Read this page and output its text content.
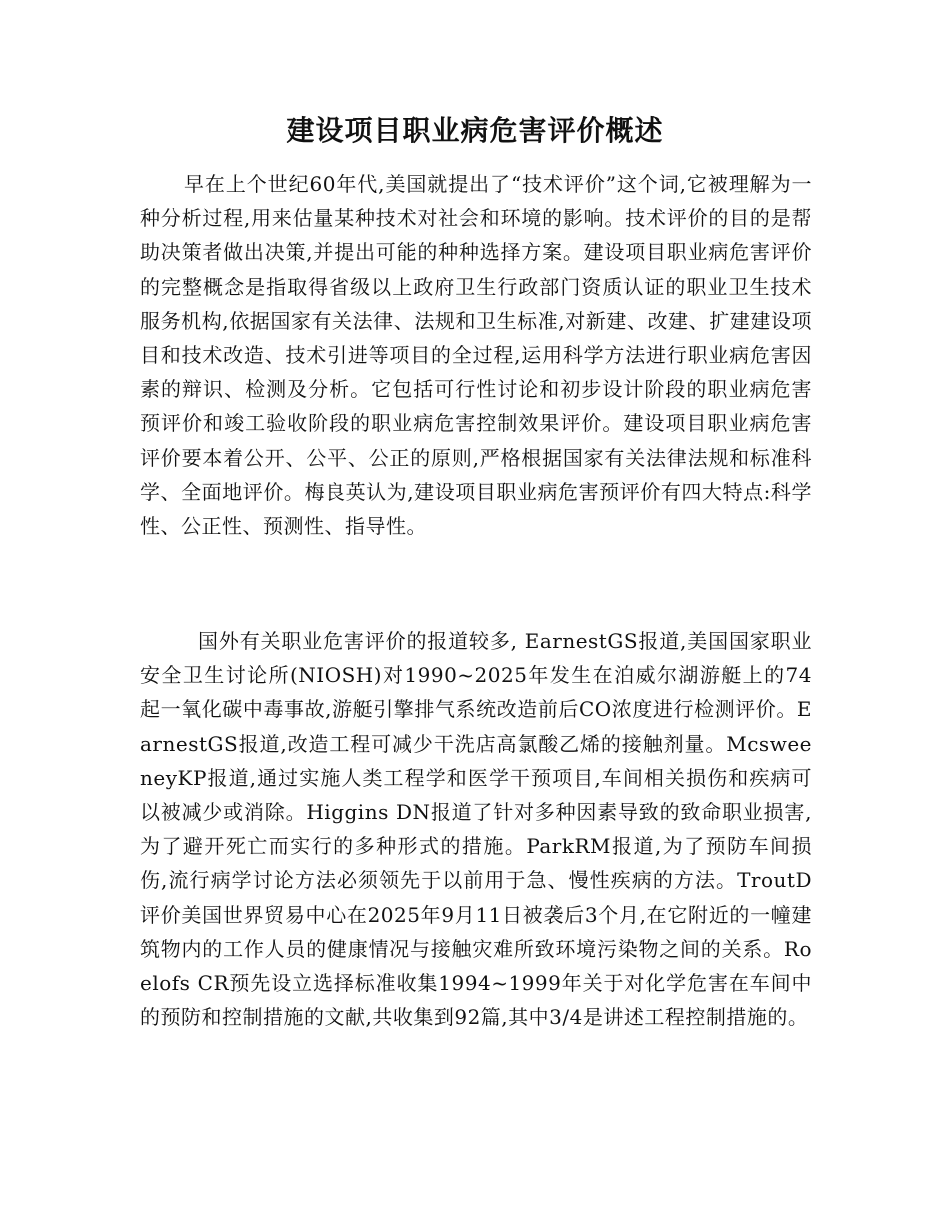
建设项目职业病危害评价概述

早在上个世纪60年代,美国就提出了“技术评价”这个词,它被理解为一种分析过程,用来估量某种技术对社会和环境的影响。技术评价的目的是帮助决策者做出决策,并提出可能的种种选择方案。建设项目职业病危害评价的完整概念是指取得省级以上政府卫生行政部门资质认证的职业卫生技术服务机构,依据国家有关法律、法规和卫生标准,对新建、改建、扩建建设项目和技术改造、技术引进等项目的全过程,运用科学方法进行职业病危害因素的辩识、检测及分析。它包括可行性讨论和初步设计阶段的职业病危害预评价和竣工验收阶段的职业病危害控制效果评价。建设项目职业病危害评价要本着公开、公平、公正的原则,严格根据国家有关法律法规和标准科学、全面地评价。梅良英认为,建设项目职业病危害预评价有四大特点:科学性、公正性、预测性、指导性。

国外有关职业危害评价的报道较多, EarnestGS报道,美国国家职业安全卫生讨论所(NIOSH)对1990~2025年发生在泊威尔湖游艇上的74起一氧化碳中毒事故,游艇引擎排气系统改造前后CO浓度进行检测评价。EarnestGS报道,改造工程可减少干洗店高氯酸乙烯的接触剂量。McsweeneyKP报道,通过实施人类工程学和医学干预项目,车间相关损伤和疾病可以被减少或消除。Higgins DN报道了针对多种因素导致的致命职业损害,为了避开死亡而实行的多种形式的措施。ParkRM报道,为了预防车间损伤,流行病学讨论方法必须领先于以前用于急、慢性疾病的方法。TroutD评价美国世界贸易中心在2025年9月11日被袭后3个月,在它附近的一幢建筑物内的工作人员的健康情况与接触灾难所致环境污染物之间的关系。Roelofs CR预先设立选择标准收集1994~1999年关于对化学危害在车间中的预防和控制措施的文献,共收集到92篇,其中3/4是讲述工程控制措施的。
